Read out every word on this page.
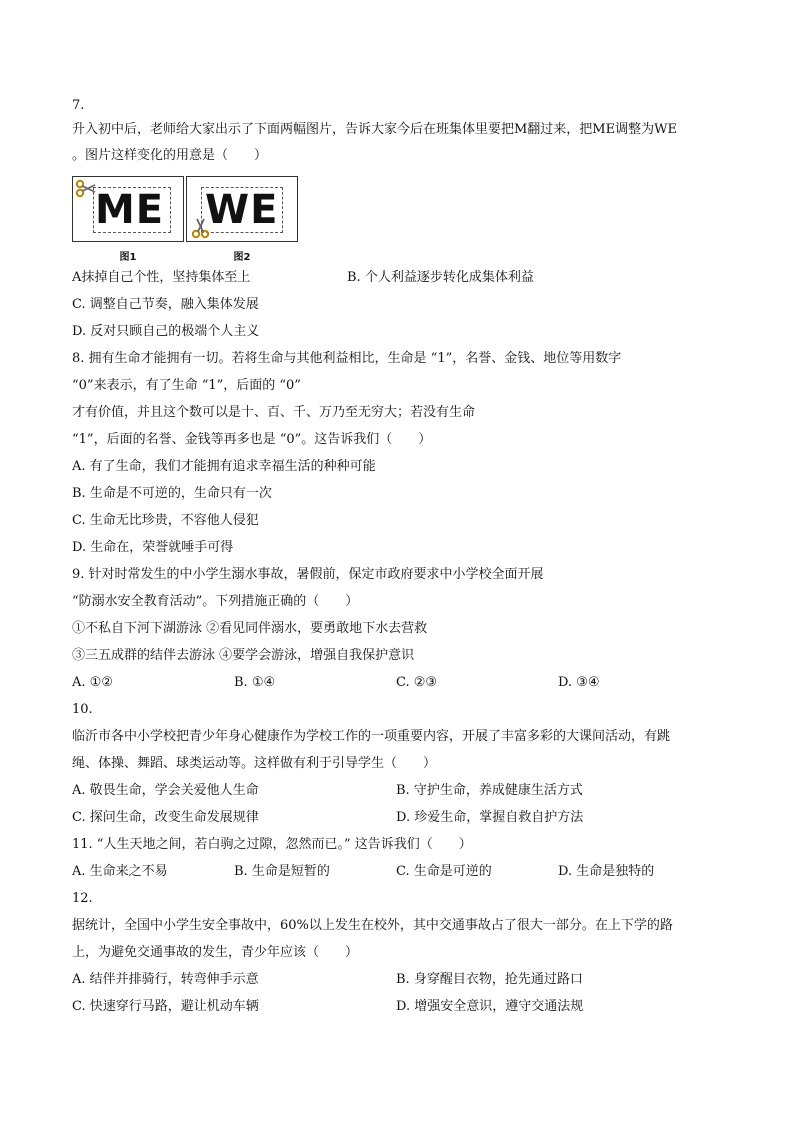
7.
升入初中后，老师给大家出示了下面两幅图片，告诉大家今后在班集体里要把M翻过来，把ME调整为WE
。图片这样变化的用意是（　　）
ME WE
图1	图2
A抹掉自己个性，坚持集体至上	B. 个人利益逐步转化成集体利益
C. 调整自己节奏，融入集体发展
D. 反对只顾自己的极端个人主义
8. 拥有生命才能拥有一切。若将生命与其他利益相比，生命是 “1”，名誉、金钱、地位等用数字
“0”来表示，有了生命 “1”，后面的 “0”
才有价值，并且这个数可以是十、百、千、万乃至无穷大；若没有生命
“1”，后面的名誉、金钱等再多也是 “0”。这告诉我们（　　）
A. 有了生命，我们才能拥有追求幸福生活的种种可能
B. 生命是不可逆的，生命只有一次
C. 生命无比珍贵，不容他人侵犯
D. 生命在，荣誉就唾手可得
9. 针对时常发生的中小学生溺水事故，暑假前，保定市政府要求中小学校全面开展
“防溺水安全教育活动”。下列措施正确的（　　）
①不私自下河下湖游泳 ②看见同伴溺水，要勇敢地下水去营救
③三五成群的结伴去游泳 ④要学会游泳，增强自我保护意识
A. ①②	B. ①④	C. ②③	D. ③④
10.
临沂市各中小学校把青少年身心健康作为学校工作的一项重要内容，开展了丰富多彩的大课间活动，有跳
绳、体操、舞蹈、球类运动等。这样做有利于引导学生（　　）
A. 敬畏生命，学会关爱他人生命	B. 守护生命，养成健康生活方式
C. 探问生命，改变生命发展规律	D. 珍爱生命，掌握自救自护方法
11. “人生天地之间，若白驹之过隙，忽然而已。” 这告诉我们（　　）
A. 生命来之不易	B. 生命是短暂的	C. 生命是可逆的	D. 生命是独特的
12.
据统计，全国中小学生安全事故中，60%以上发生在校外，其中交通事故占了很大一部分。在上下学的路
上，为避免交通事故的发生，青少年应该（　　）
A. 结伴并排骑行，转弯伸手示意	B. 身穿醒目衣物，抢先通过路口
C. 快速穿行马路，避让机动车辆	D. 增强安全意识，遵守交通法规
